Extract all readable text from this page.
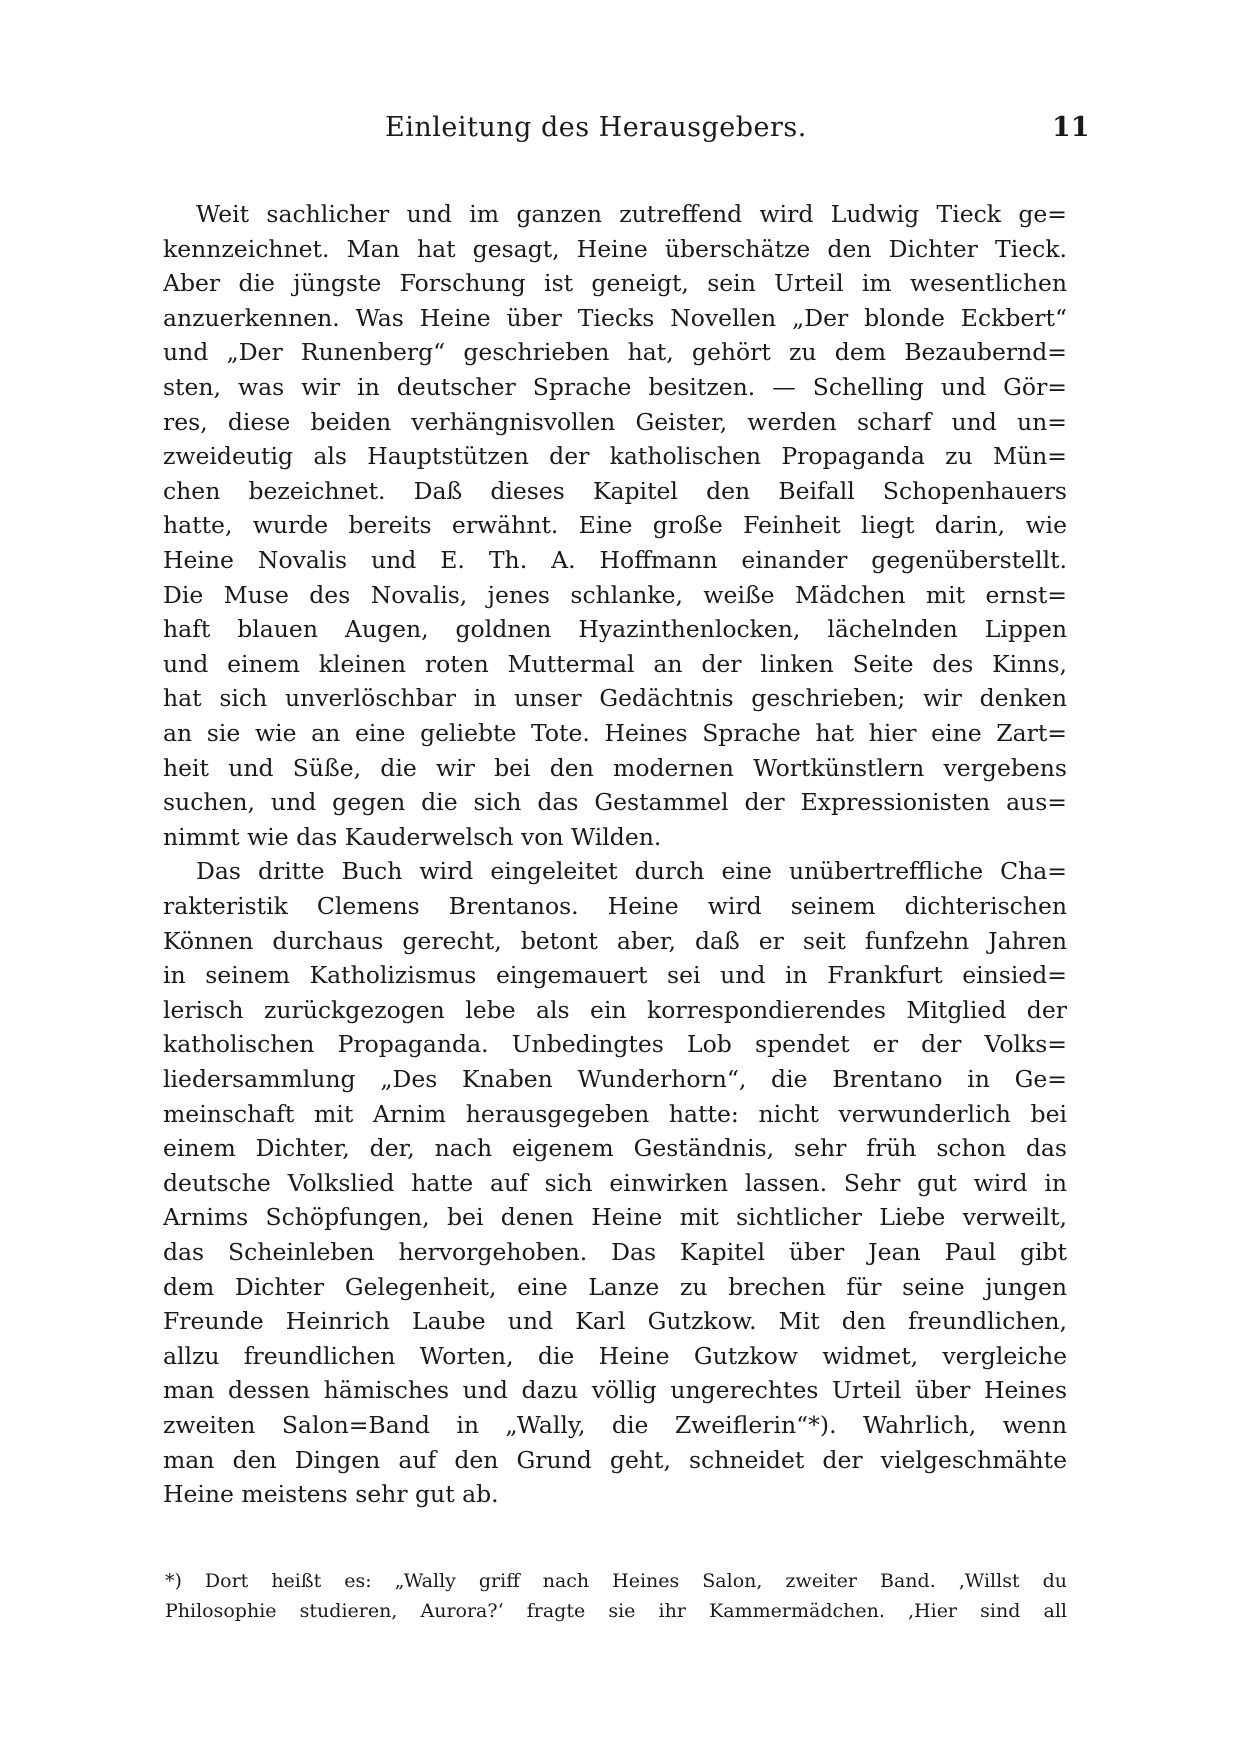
Einleitung des Herausgebers.	11
Weit sachlicher und im ganzen zutreffend wird Ludwig Tieck ge=
kennzeichnet. Man hat gesagt, Heine überschätze den Dichter Tieck.
Aber die jüngste Forschung ist geneigt, sein Urteil im wesentlichen
anzuerkennen. Was Heine über Tiecks Novellen „Der blonde Eckbert“
und „Der Runenberg“ geschrieben hat, gehört zu dem Bezaubernd=
sten, was wir in deutscher Sprache besitzen. — Schelling und Gör=
res, diese beiden verhängnisvollen Geister, werden scharf und un=
zweideutig als Hauptstützen der katholischen Propaganda zu Mün=
chen bezeichnet. Daß dieses Kapitel den Beifall Schopenhauers
hatte, wurde bereits erwähnt. Eine große Feinheit liegt darin, wie
Heine Novalis und E. Th. A. Hoffmann einander gegenüberstellt.
Die Muse des Novalis, jenes schlanke, weiße Mädchen mit ernst=
haft blauen Augen, goldnen Hyazinthenlocken, lächelnden Lippen
und einem kleinen roten Muttermal an der linken Seite des Kinns,
hat sich unverlöschbar in unser Gedächtnis geschrieben; wir denken
an sie wie an eine geliebte Tote. Heines Sprache hat hier eine Zart=
heit und Süße, die wir bei den modernen Wortkünstlern vergebens
suchen, und gegen die sich das Gestammel der Expressionisten aus=
nimmt wie das Kauderwelsch von Wilden.
Das dritte Buch wird eingeleitet durch eine unübertreffliche Cha=
rakteristik Clemens Brentanos. Heine wird seinem dichterischen
Können durchaus gerecht, betont aber, daß er seit funfzehn Jahren
in seinem Katholizismus eingemauert sei und in Frankfurt einsied=
lerisch zurückgezogen lebe als ein korrespondierendes Mitglied der
katholischen Propaganda. Unbedingtes Lob spendet er der Volks=
liedersammlung „Des Knaben Wunderhorn“, die Brentano in Ge=
meinschaft mit Arnim herausgegeben hatte: nicht verwunderlich bei
einem Dichter, der, nach eigenem Geständnis, sehr früh schon das
deutsche Volkslied hatte auf sich einwirken lassen. Sehr gut wird in
Arnims Schöpfungen, bei denen Heine mit sichtlicher Liebe verweilt,
das Scheinleben hervorgehoben. Das Kapitel über Jean Paul gibt
dem Dichter Gelegenheit, eine Lanze zu brechen für seine jungen
Freunde Heinrich Laube und Karl Gutzkow. Mit den freundlichen,
allzu freundlichen Worten, die Heine Gutzkow widmet, vergleiche
man dessen hämisches und dazu völlig ungerechtes Urteil über Heines
zweiten Salon=Band in „Wally, die Zweiflerin“*). Wahrlich, wenn
man den Dingen auf den Grund geht, schneidet der vielgeschmähte
Heine meistens sehr gut ab.
*) Dort heißt es: „Wally griff nach Heines Salon, zweiter Band. ‚Willst du
Philosophie studieren, Aurora?‘ fragte sie ihr Kammermädchen. ‚Hier sind all
